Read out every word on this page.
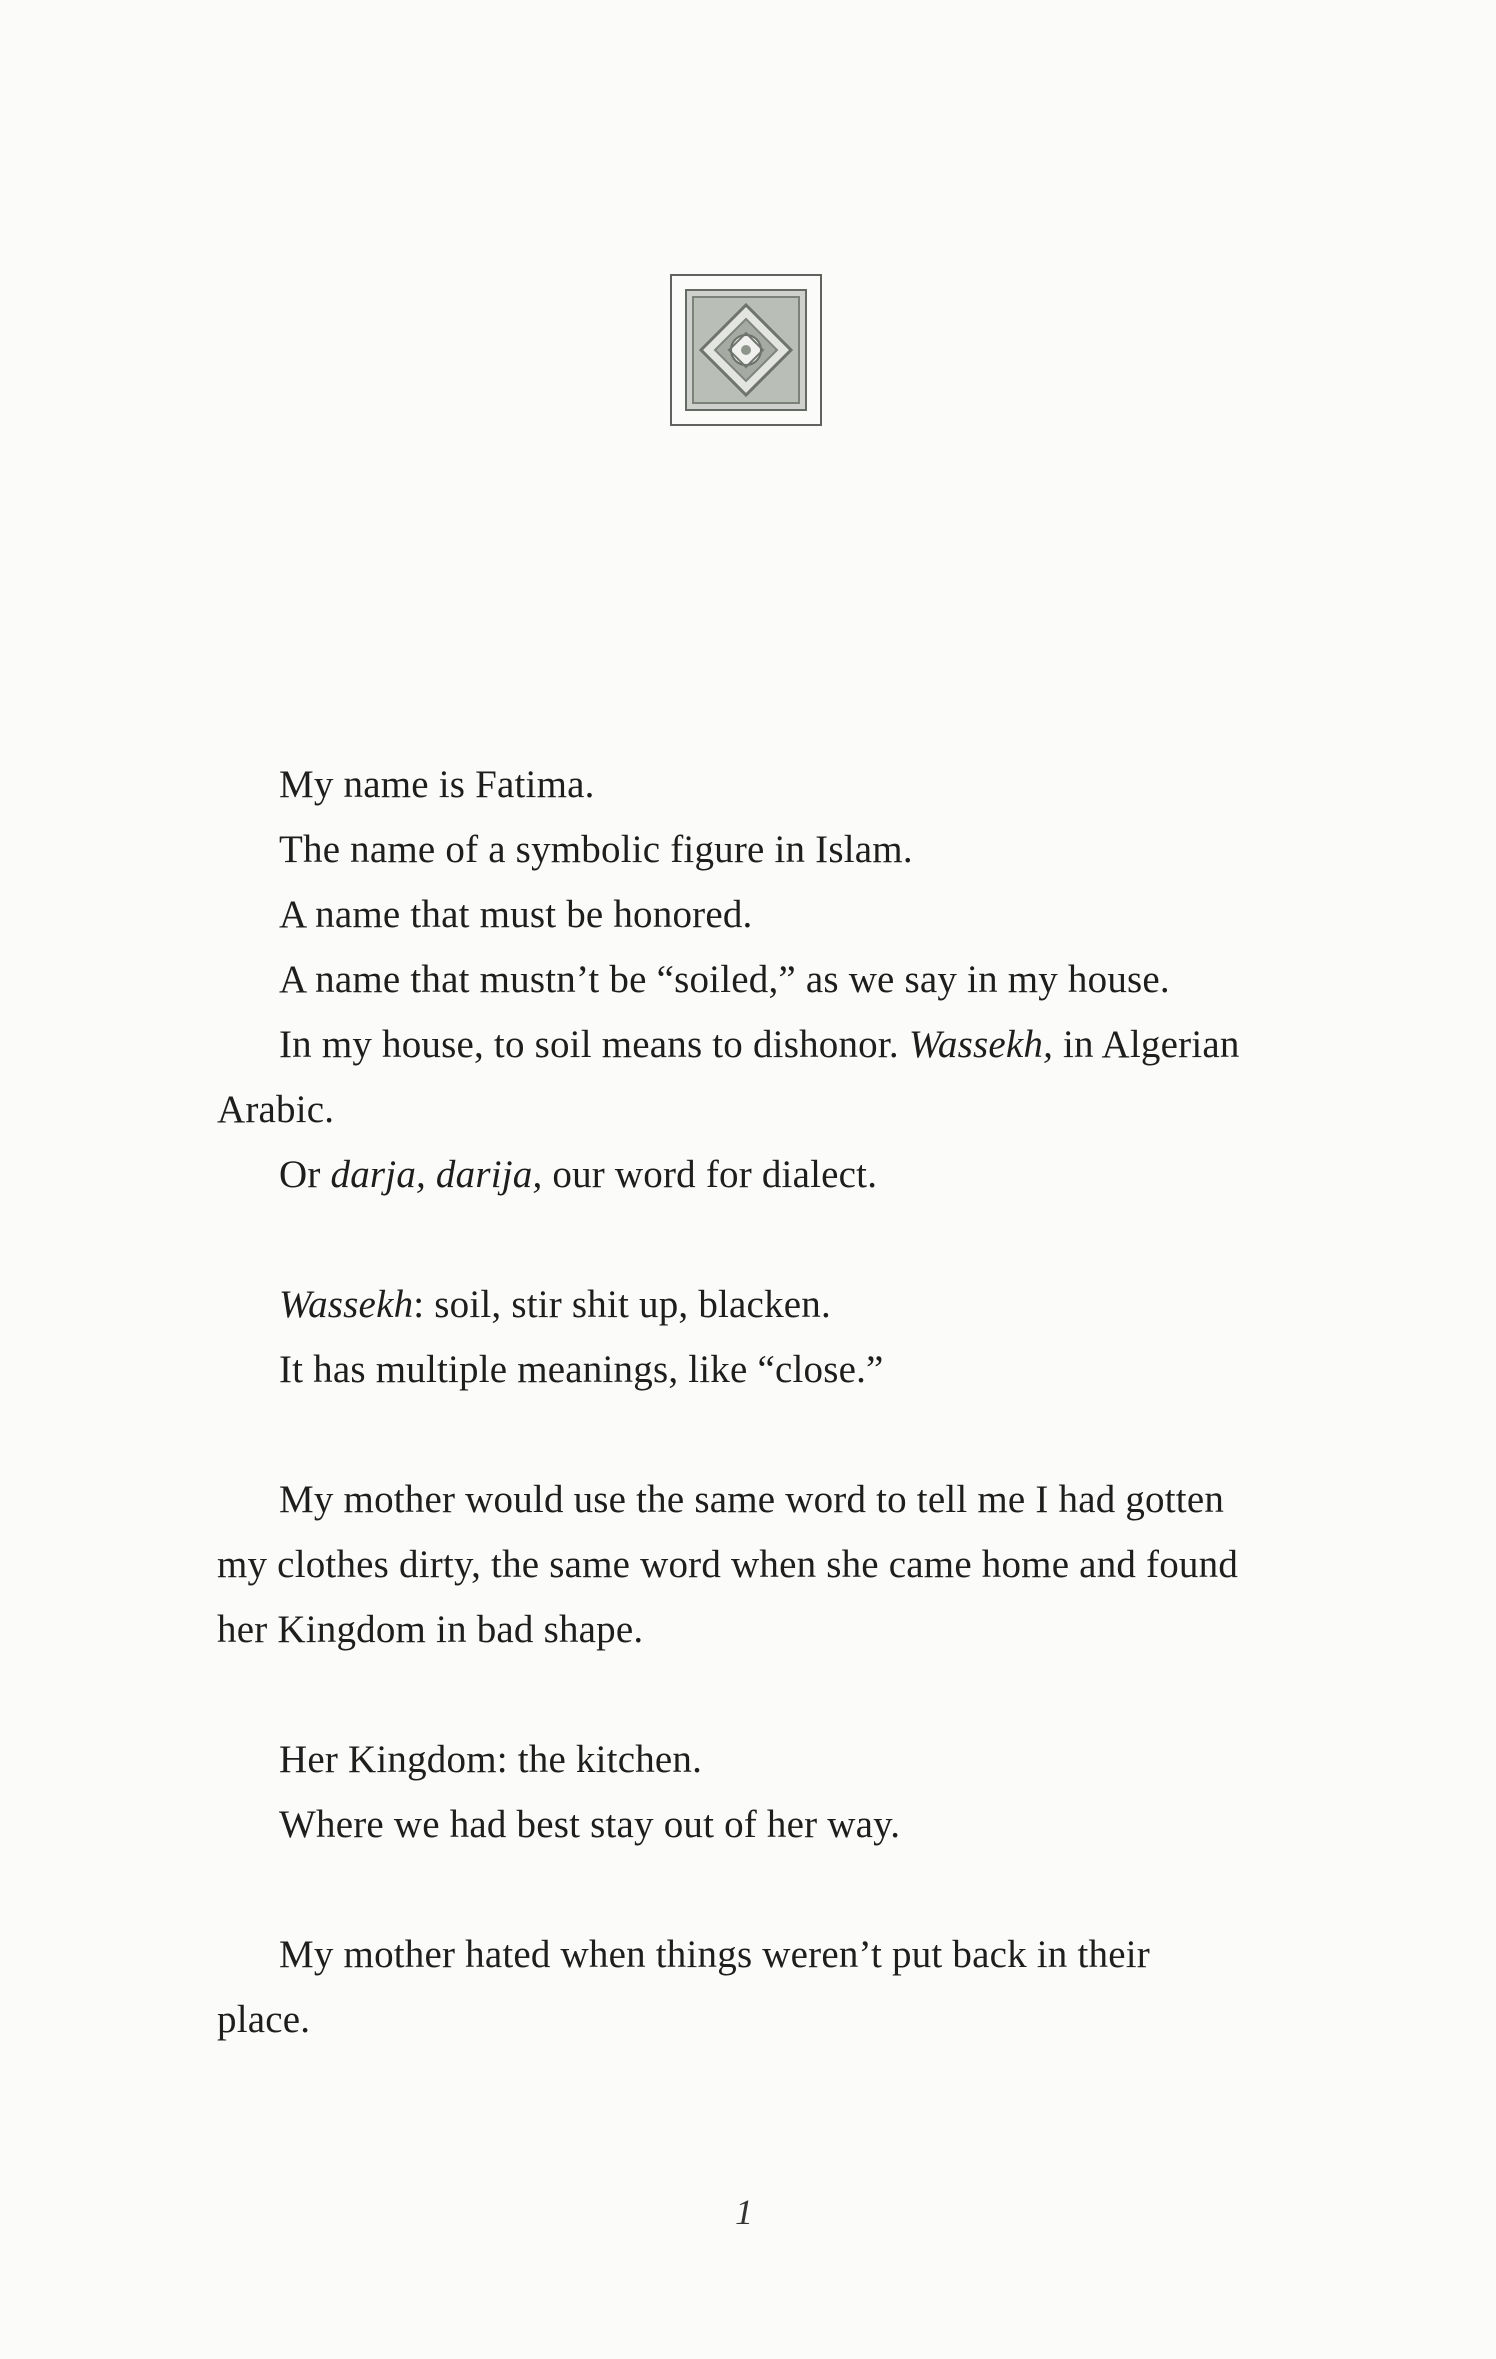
My name is Fatima.

The name of a symbolic figure in Islam.

A name that must be honored.

A name that mustn’t be “soiled,” as we say in my house.

In my house, to soil means to dishonor. Wassekh, in Algerian Arabic.

Or darja, darija, our word for dialect.

Wassekh: soil, stir shit up, blacken.

It has multiple meanings, like “close.”

My mother would use the same word to tell me I had gotten my clothes dirty, the same word when she came home and found her Kingdom in bad shape.

Her Kingdom: the kitchen.

Where we had best stay out of her way.

My mother hated when things weren’t put back in their place.

1
